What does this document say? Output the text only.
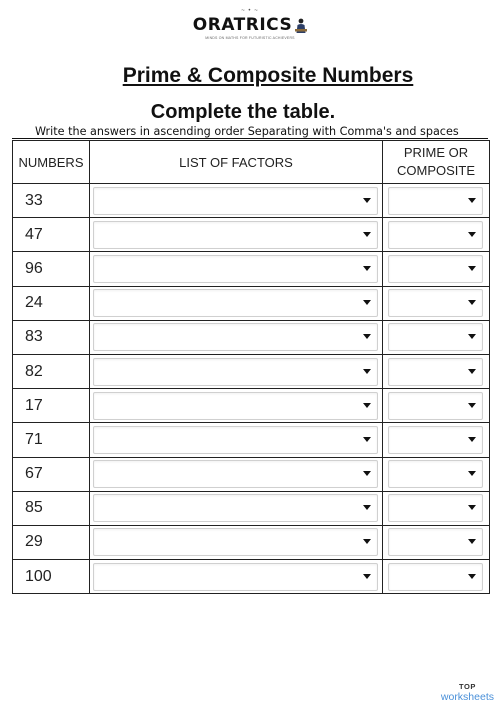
~ • ~
ORATRICS
MINDS ON MATHS FOR FUTURISTIC ACHIEVERS
Prime & Composite Numbers
Complete the table.
Write the answers in ascending order Separating with Comma's and spaces
NUMBERS	LIST OF FACTORS	PRIME OR
COMPOSITE
33	

47	

96	

24	

83	

82	

17	

71	

67	

85	

29	

100	

TOP
worksheets
